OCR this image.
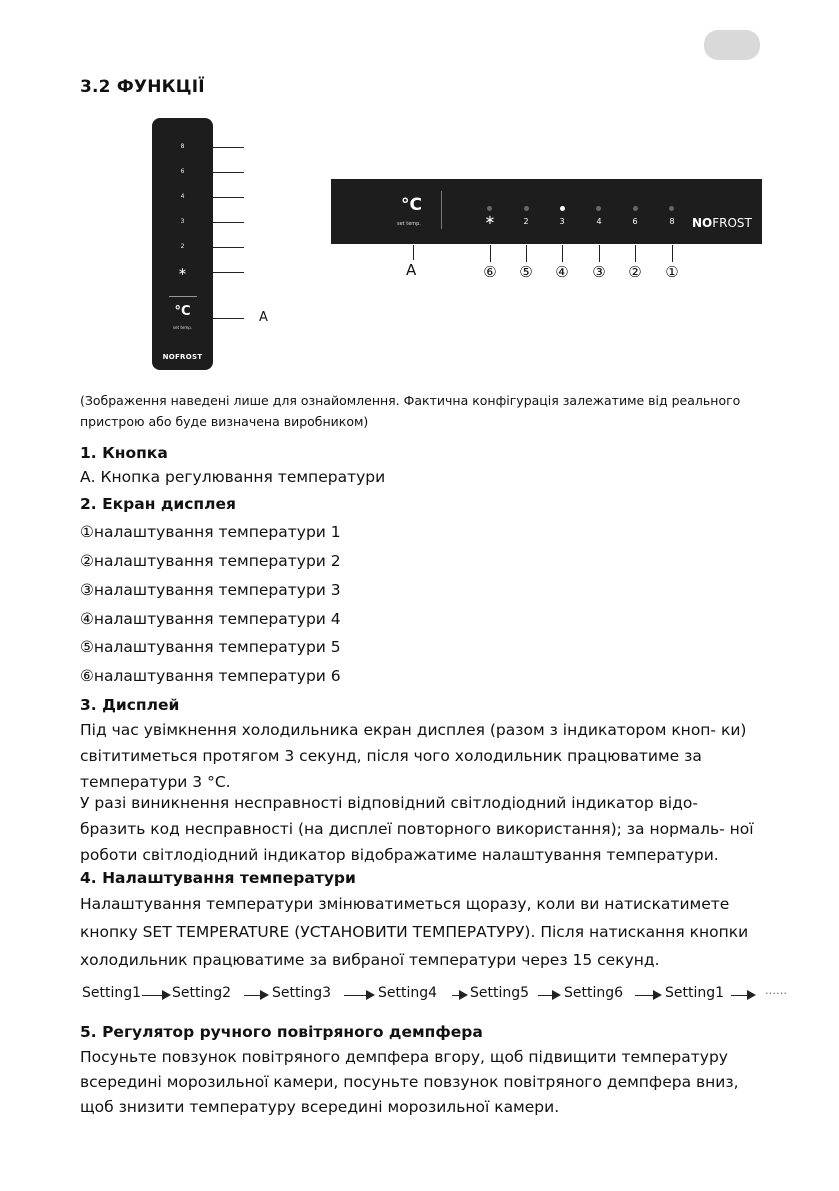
3.2 ФУНКЦІЇ
8
6
4
3
2
∗
°C
set temp.
NOFROST
A
°C
set temp.	∗	2	3	4	6	8	NOFROST
A	⑥ ⑤ ④ ③ ② ①
(Зображення наведені лише для ознайомлення. Фактична конфігурація залежатиме від реального пристрою або буде визначена виробником)
1. Кнопка
А. Кнопка регулювання температури
2. Екран дисплея
①налаштування температури 1
②налаштування температури 2
③налаштування температури 3
④налаштування температури 4
⑤налаштування температури 5
⑥налаштування температури 6
3. Дисплей
Під час увімкнення холодильника екран дисплея (разом з індикатором кноп- ки) світитиметься протягом 3 секунд, після чого холодильник працюватиме за температури 3 °C.
У разі виникнення несправності відповідний світлодіодний індикатор відо- бразить код несправності (на дисплеї повторного використання); за нормаль- ної роботи світлодіодний індикатор відображатиме налаштування температури.
4. Налаштування температури
Налаштування температури змінюватиметься щоразу, коли ви натискатимете кнопку SET TEMPERATURE (УСТАНОВИТИ ТЕМПЕРАТУРУ). Після натискання кнопки холодильник працюватиме за вибраної температури через 15 секунд.
Setting1 Setting2	Setting3	Setting4 Setting5 Setting6	Setting1	……
5. Регулятор ручного повітряного демпфера
Посуньте повзунок повітряного демпфера вгору, щоб підвищити температуру всередині морозильної камери, посуньте повзунок повітряного демпфера вниз, щоб знизити температуру всередині морозильної камери.
